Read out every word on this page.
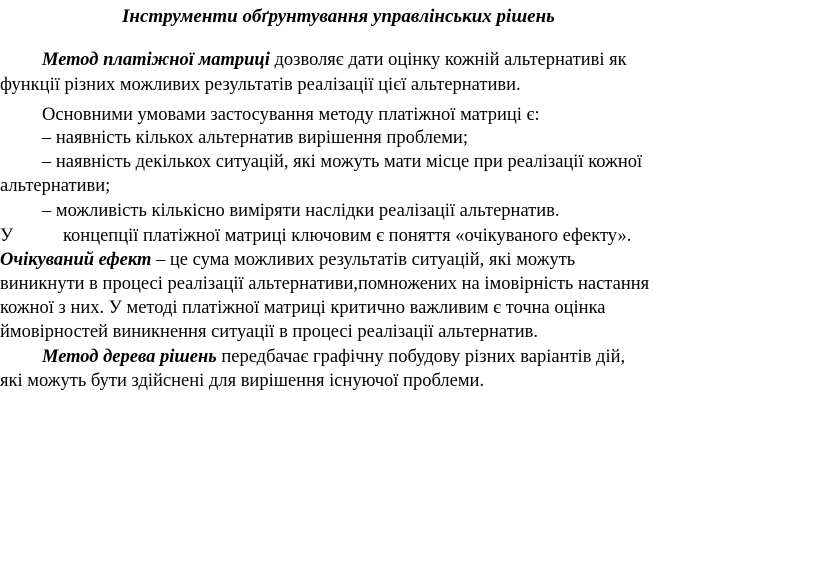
Інструменти обґрунтування управлінських рішень
Метод платіжної матриці дозволяє дати оцінку кожній альтернативі як
функції різних можливих результатів реалізації цієї альтернативи.
Основними умовами застосування методу платіжної матриці є:
– наявність кількох альтернатив вирішення проблеми;
– наявність декількох ситуацій, які можуть мати місце при реалізації кожної
альтернативи;
– можливість кількісно виміряти наслідки реалізації альтернатив.
У	концепції платіжної матриці ключовим є поняття «очікуваного ефекту».
Очікуваний ефект – це сума можливих результатів ситуацій, які можуть
виникнути в процесі реалізації альтернативи,помножених на імовірність настання
кожної з них. У методі платіжної матриці критично важливим є точна оцінка
ймовірностей виникнення ситуації в процесі реалізації альтернатив.
Метод дерева рішень передбачає графічну побудову різних варіантів дій,
які можуть бути здійснені для вирішення існуючої проблеми.
